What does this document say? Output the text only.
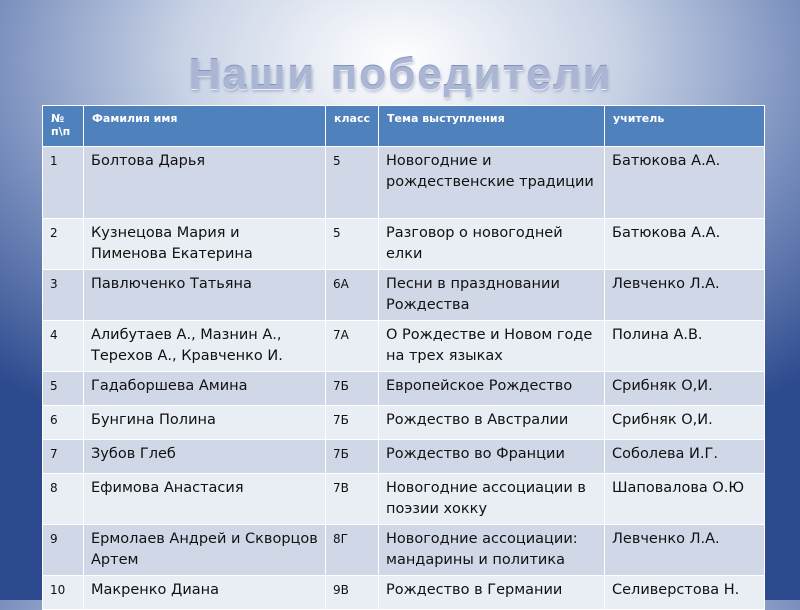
Наши победители
№ п\п	Фамилия имя	класс	Тема выступления	учитель
1	Болтова Дарья	5	Новогодние и рождественские традиции	Батюкова А.А.
2	Кузнецова Мария и Пименова Екатерина	5	Разговор о новогодней елки	Батюкова А.А.
3	Павлюченко Татьяна	6А	Песни в праздновании Рождества	Левченко Л.А.
4	Алибутаев А., Мазнин А., Терехов А., Кравченко И.	7А	О Рождестве и Новом годе на трех языках	Полина А.В.
5	Гадаборшева Амина	7Б	Европейское Рождество	Срибняк О,И.
6	Бунгина Полина	7Б	Рождество в Австралии	Срибняк О,И.
7	Зубов Глеб	7Б	Рождество во Франции	Соболева И.Г.
8	Ефимова Анастасия	7В	Новогодние ассоциации в поэзии хокку	Шаповалова О.Ю
9	Ермолаев Андрей и Скворцов Артем	8Г	Новогодние ассоциации: мандарины и политика	Левченко Л.А.
10	Макренко Диана	9В	Рождество в Германии	Селиверстова Н.
